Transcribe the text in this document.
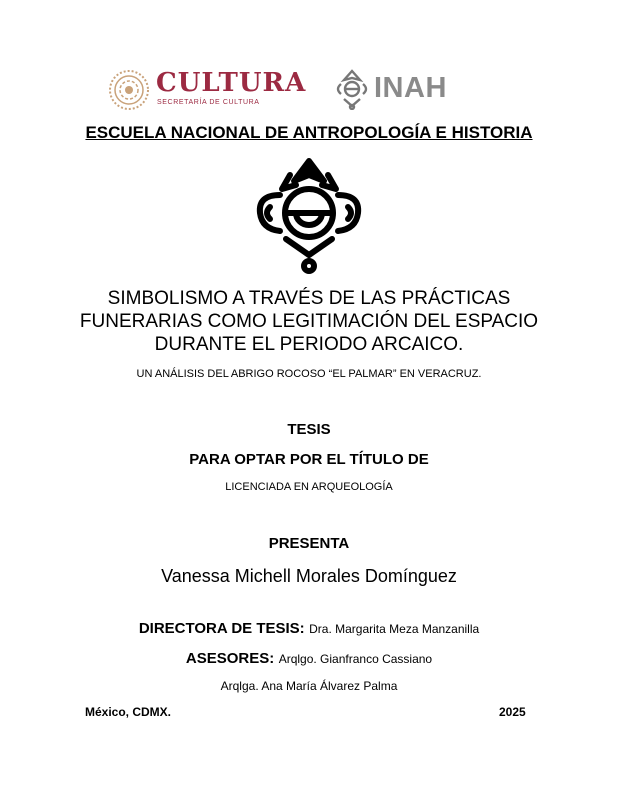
CULTURA
SECRETARÍA DE CULTURA	INAH
ESCUELA NACIONAL DE ANTROPOLOGÍA E HISTORIA
SIMBOLISMO A TRAVÉS DE LAS PRÁCTICAS
FUNERARIAS COMO LEGITIMACIÓN DEL ESPACIO
DURANTE EL PERIODO ARCAICO.
UN ANÁLISIS DEL ABRIGO ROCOSO “EL PALMAR” EN VERACRUZ.
TESIS
PARA OPTAR POR EL TÍTULO DE
LICENCIADA EN ARQUEOLOGÍA
PRESENTA
Vanessa Michell Morales Domínguez
DIRECTORA DE TESIS: Dra. Margarita Meza Manzanilla
ASESORES: Arqlgo. Gianfranco Cassiano
Arqlga. Ana María Álvarez Palma
México, CDMX.	2025
